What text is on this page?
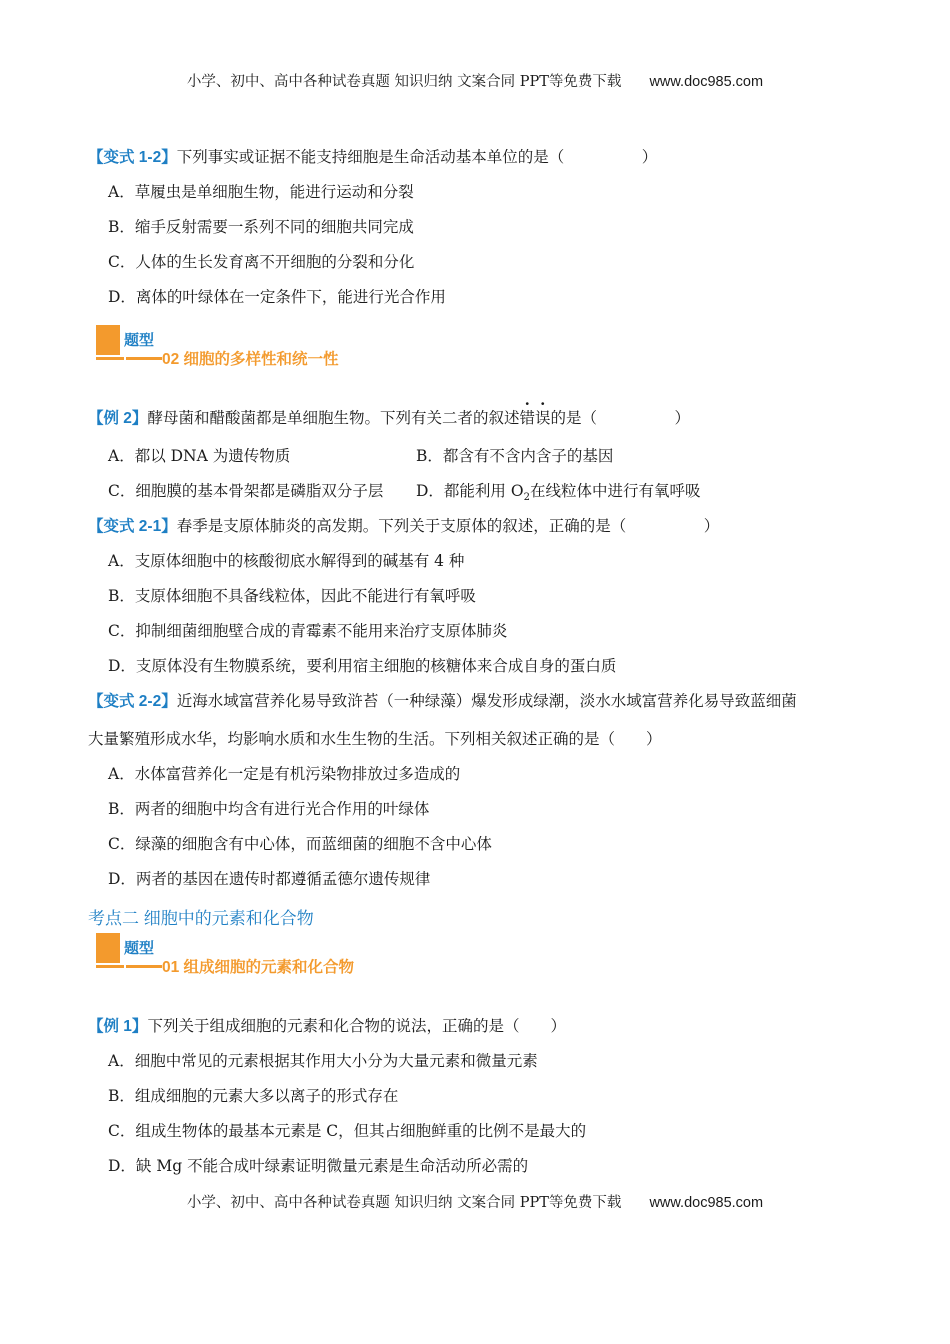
小学、初中、高中各种试卷真题 知识归纳 文案合同 PPT等免费下载 www.doc985.com
【变式 1-2】下列事实或证据不能支持细胞是生命活动基本单位的是（　　　　　）
A．草履虫是单细胞生物，能进行运动和分裂
B．缩手反射需要一系列不同的细胞共同完成
C．人体的生长发育离不开细胞的分裂和分化
D．离体的叶绿体在一定条件下，能进行光合作用
题型
02 细胞的多样性和统一性
【例 2】酵母菌和醋酸菌都是单细胞生物。下列有关二者的叙述错误的是（　　　　　）
A．都以 DNA 为遗传物质	B．都含有不含内含子的基因
C．细胞膜的基本骨架都是磷脂双分子层 D．都能利用 $O_2$在线粒体中进行有氧呼吸
【变式 2-1】春季是支原体肺炎的高发期。下列关于支原体的叙述，正确的是（　　　　　）
A．支原体细胞中的核酸彻底水解得到的碱基有 4 种
B．支原体细胞不具备线粒体，因此不能进行有氧呼吸
C．抑制细菌细胞壁合成的青霉素不能用来治疗支原体肺炎
D．支原体没有生物膜系统，要利用宿主细胞的核糖体来合成自身的蛋白质
【变式 2-2】近海水域富营养化易导致浒苔（一种绿藻）爆发形成绿潮，淡水水域富营养化易导致蓝细菌
大量繁殖形成水华，均影响水质和水生生物的生活。下列相关叙述正确的是（　　）
A．水体富营养化一定是有机污染物排放过多造成的
B．两者的细胞中均含有进行光合作用的叶绿体
C．绿藻的细胞含有中心体，而蓝细菌的细胞不含中心体
D．两者的基因在遗传时都遵循孟德尔遗传规律
考点二 细胞中的元素和化合物
题型
01 组成细胞的元素和化合物
【例 1】下列关于组成细胞的元素和化合物的说法，正确的是（　　）
A．细胞中常见的元素根据其作用大小分为大量元素和微量元素
B．组成细胞的元素大多以离子的形式存在
C．组成生物体的最基本元素是 C，但其占细胞鲜重的比例不是最大的
D．缺 Mg 不能合成叶绿素证明微量元素是生命活动所必需的
小学、初中、高中各种试卷真题 知识归纳 文案合同 PPT等免费下载 www.doc985.com
